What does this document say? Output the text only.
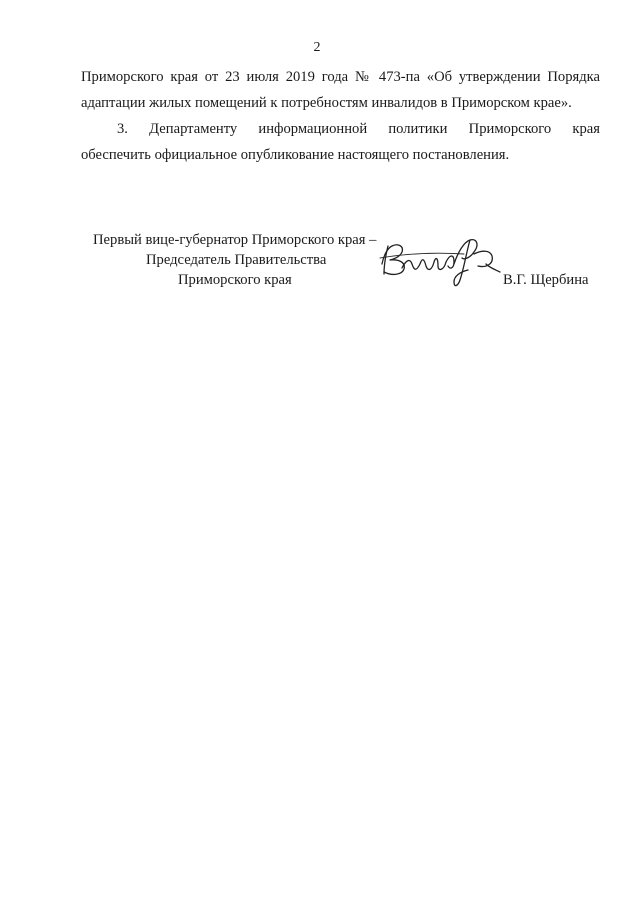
2

Приморского края от 23 июля 2019 года № 473-па «Об утверждении Порядка
адаптации жилых помещений к потребностям инвалидов в Приморском крае».

3.   Департаменту   информационной   политики   Приморского   края
обеспечить официальное опубликование настоящего постановления.

Первый вице-губернатор Приморского края –
Председатель Правительства
Приморского края	В.Г. Щербина
